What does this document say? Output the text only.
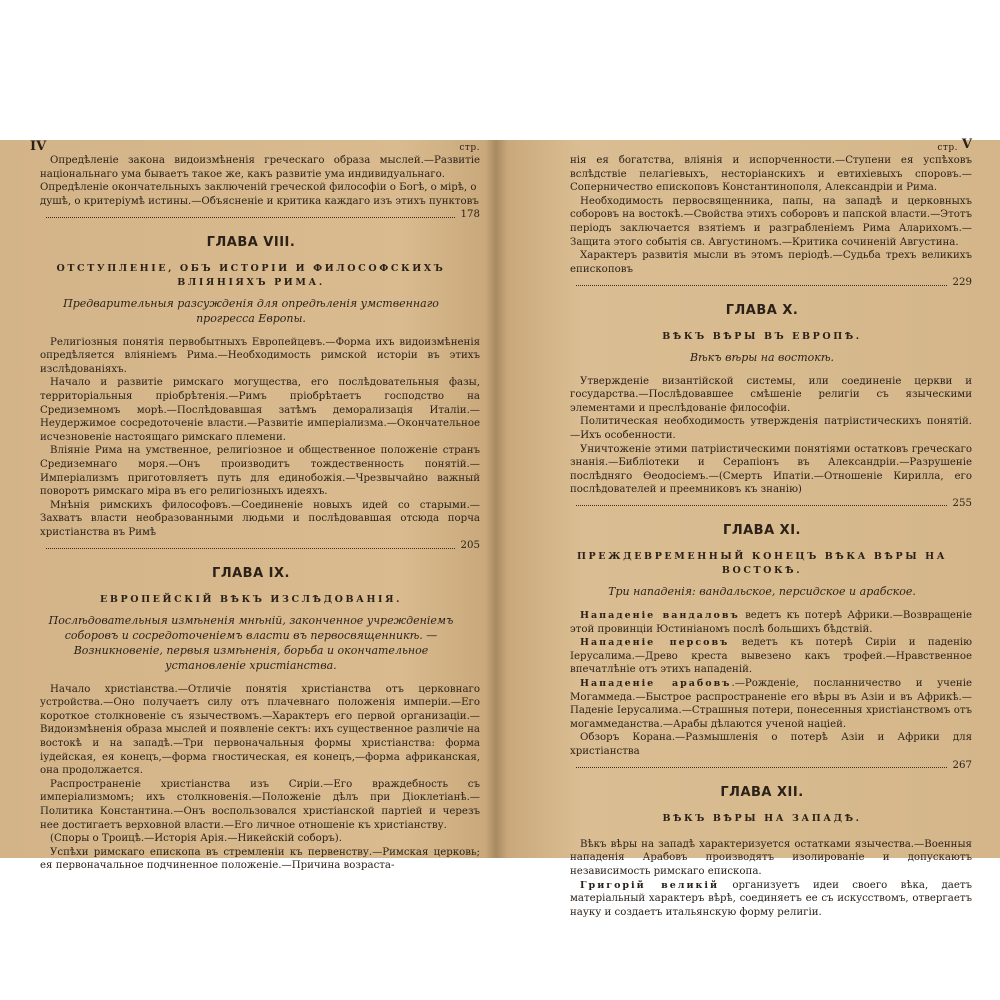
IV	стр.

Опредѣленіе закона видоизмѣненія греческаго образа мыслей.—Развитіе національнаго ума бываетъ такое же, какъ развитіе ума индивидуальнаго.

Опредѣленіе окончательныхъ заключеній греческой философіи о Богѣ, о мірѣ, о душѣ, о критеріумѣ истины.—Объясненіе и критика каждаго изъ этихъ пунктовъ
178
ГЛАВА VIII.
ОТСТУПЛЕНІЕ, ОБЪ ИСТОРІИ И ФИЛОСОФСКИХЪ ВЛІЯНІЯХЪ РИМА.
Предварительныя разсужденія для опредѣленія умственнаго прогресса Европы.

Религіозныя понятія первобытныхъ Европейцевъ.—Форма ихъ видоизмѣненія опредѣляется вліяніемъ Рима.—Необходимость римской исторіи въ этихъ изслѣдованіяхъ.

Начало и развитіе римскаго могущества, его послѣдовательныя фазы, территоріальныя пріобрѣтенія.—Римъ пріобрѣтаетъ господство на Средиземномъ морѣ.—Послѣдовавшая затѣмъ деморализація Италіи.—Неудержимое сосредоточеніе власти.—Развитіе имперіализма.—Окончательное исчезновеніе настоящаго римскаго племени.

Вліяніе Рима на умственное, религіозное и общественное положеніе странъ Средиземнаго моря.—Онъ производитъ тождественность понятій.—Имперіализмъ приготовляетъ путь для единобожія.—Чрезвычайно важный поворотъ римскаго міра въ его религіозныхъ идеяхъ.

Мнѣнія римскихъ философовъ.—Соединеніе новыхъ идей со старыми.—Захватъ власти необразованными людьми и послѣдовавшая отсюда порча христіанства въ Римѣ

205
ГЛАВА IX.
ЕВРОПЕЙСКІЙ ВѢКЪ ИЗСЛѢДОВАНІЯ.
Послѣдовательныя измѣненія мнѣній, законченное учрежденіемъ соборовъ и сосредоточеніемъ власти въ первосвященникѣ. — Возникновеніе, первыя измѣненія, борьба и окончательное установленіе христіанства.

Начало христіанства.—Отличіе понятія христіанства отъ церковнаго устройства.—Оно получаетъ силу отъ плачевнаго положенія имперіи.—Его короткое столкновеніе съ язычествомъ.—Характеръ его первой организаціи.—Видоизмѣненія образа мыслей и появленіе сектъ: ихъ существенное различіе на востокѣ и на западѣ.—Три первоначальныя формы христіанства: форма іудейская, ея конецъ,—форма гностическая, ея конецъ,—форма африканская, она продолжается.

Распространеніе христіанства изъ Сиріи.—Его враждебность съ имперіализмомъ; ихъ столкновенія.—Положеніе дѣлъ при Діоклетіанѣ.—Политика Константина.—Онъ воспользовался христіанской партіей и черезъ нее достигаетъ верховной власти.—Его личное отношеніе къ христіанству.

(Споры о Троицѣ.—Исторія Арія.—Никейскій соборъ).

Успѣхи римскаго епископа въ стремленіи къ первенству.—Римская церковь; ея первоначальное подчиненное положеніе.—Причина возраста-

V
стр.

нія ея богатства, вліянія и испорченности.—Ступени ея успѣховъ вслѣдствіе пелагіевыхъ, несторіанскихъ и евтихіевыхъ споровъ.—Соперничество епископовъ Константинополя, Александріи и Рима.

Необходимость первосвященника, папы, на западѣ и церковныхъ соборовъ на востокѣ.—Свойства этихъ соборовъ и папской власти.—Этотъ періодъ заключается взятіемъ и разграбленіемъ Рима Аларихомъ.—Защита этого событія св. Августиномъ.—Критика сочиненій Августина.

Характеръ развитія мысли въ этомъ періодѣ.—Судьба трехъ великихъ епископовъ

229
ГЛАВА X.
ВѢКЪ ВѢРЫ ВЪ ЕВРОПѢ.
Вѣкъ вѣры на востокѣ.

Утвержденіе византійской системы, или соединеніе церкви и государства.—Послѣдовавшее смѣшеніе религіи съ языческими элементами и преслѣдованіе философіи.

Политическая необходимость утвержденія патріистическихъ понятій.—Ихъ особенности.

Уничтоженіе этими патріистическими понятіями остатковъ греческаго знанія.—Библіотеки и Серапіонъ въ Александріи.—Разрушеніе послѣдняго Ѳеодосіемъ.—(Смерть Ипатіи.—Отношеніе Кирилла, его послѣдователей и преемниковъ къ знанію)

255
ГЛАВА XI.
ПРЕЖДЕВРЕМЕННЫЙ КОНЕЦЪ ВѢКА ВѢРЫ НА ВОСТОКѢ.
Три нападенія: вандальское, персидское и арабское.

Нападеніе вандаловъ ведетъ къ потерѣ Африки.—Возвращеніе этой провинціи Юстиніаномъ послѣ большихъ бѣдствій.

Нападеніе персовъ ведетъ къ потерѣ Сиріи и паденію Іерусалима.—Древо креста вывезено какъ трофей.—Нравственное впечатлѣніе отъ этихъ нападеній.

Нападеніе арабовъ.—Рожденіе, посланничество и ученіе Могаммеда.—Быстрое распространеніе его вѣры въ Азіи и въ Африкѣ.—Паденіе Іерусалима.—Страшныя потери, понесенныя христіанствомъ отъ могаммеданства.—Арабы дѣлаются ученой націей.

Обзоръ Корана.—Размышленія о потерѣ Азіи и Африки для христіанства

267
ГЛАВА XII.
ВѢКЪ ВѢРЫ НА ЗАПАДѢ.

Вѣкъ вѣры на западѣ характеризуется остатками язычества.—Военныя нападенія Арабовъ производятъ изолированіе и допускаютъ независимость римскаго епископа.

Григорій великій организуетъ идеи своего вѣка, даетъ матеріальный характеръ вѣрѣ, соединяетъ ее съ искусствомъ, отвергаетъ науку и создаетъ итальянскую форму религіи.
